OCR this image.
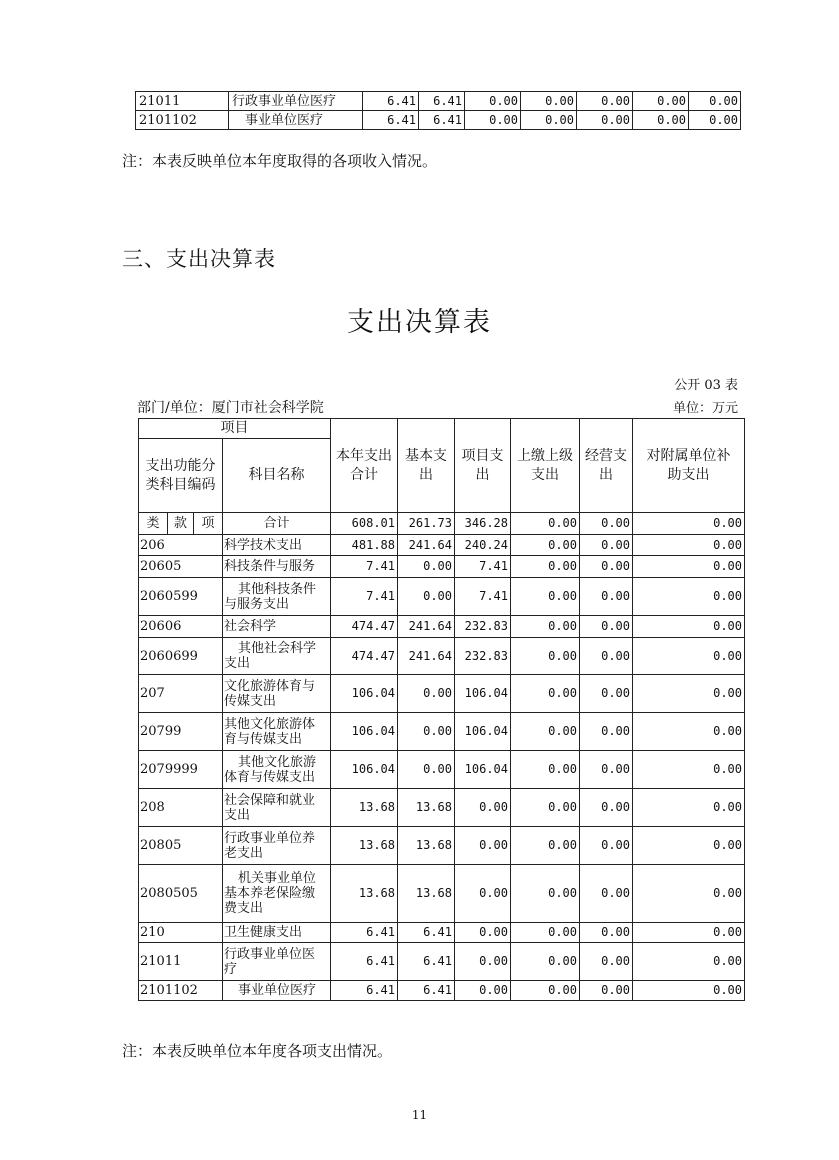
21011	行政事业单位医疗	6.41	6.41	0.00	0.00	0.00	0.00	0.00
2101102	事业单位医疗	6.41	6.41	0.00	0.00	0.00	0.00	0.00
注：本表反映单位本年度取得的各项收入情况。
三、支出决算表
支出决算表
公开 03 表
部门/单位：厦门市社会科学院	单位：万元
项目				本年支出合计	基本支出	项目支出	上缴上级支出	经营支出	对附属单位补助支出
支出功能分类科目编码			科目名称						
类	款	项	合计	608.01	261.73	346.28	0.00	0.00	0.00
206			科学技术支出	481.88	241.64	240.24	0.00	0.00	0.00
20605			科技条件与服务	7.41	0.00	7.41	0.00	0.00	0.00
2060599			其他科技条件与服务支出	7.41	0.00	7.41	0.00	0.00	0.00
20606			社会科学	474.47	241.64	232.83	0.00	0.00	0.00
2060699			其他社会科学支出	474.47	241.64	232.83	0.00	0.00	0.00
207			文化旅游体育与传媒支出	106.04	0.00	106.04	0.00	0.00	0.00
20799			其他文化旅游体育与传媒支出	106.04	0.00	106.04	0.00	0.00	0.00
2079999			其他文化旅游体育与传媒支出	106.04	0.00	106.04	0.00	0.00	0.00
208			社会保障和就业支出	13.68	13.68	0.00	0.00	0.00	0.00
20805			行政事业单位养老支出	13.68	13.68	0.00	0.00	0.00	0.00
2080505			机关事业单位基本养老保险缴费支出	13.68	13.68	0.00	0.00	0.00	0.00
210			卫生健康支出	6.41	6.41	0.00	0.00	0.00	0.00
21011			行政事业单位医疗	6.41	6.41	0.00	0.00	0.00	0.00
2101102			事业单位医疗	6.41	6.41	0.00	0.00	0.00	0.00
注：本表反映单位本年度各项支出情况。
11
